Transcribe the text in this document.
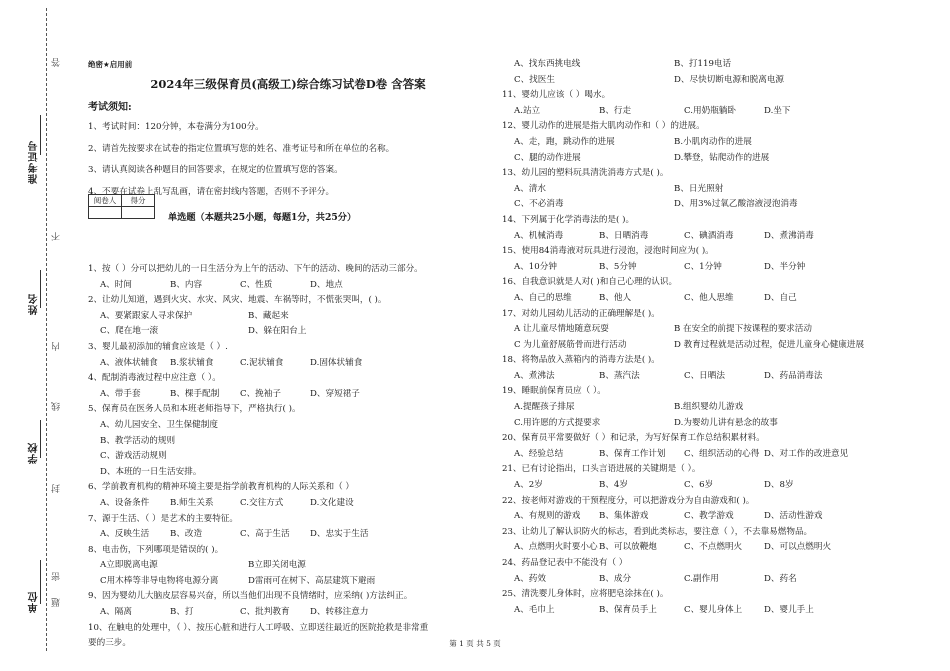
准考证号
姓名
学校
单位
答
不
内
线
封
密
题
绝密★启用前
2024年三级保育员(高级工)综合练习试卷D卷 含答案
考试须知:
1、考试时间：120分钟，本卷满分为100分。
2、请首先按要求在试卷的指定位置填写您的姓名、准考证号和所在单位的名称。
3、请认真阅读各种题目的回答要求，在规定的位置填写您的答案。
4、不要在试卷上乱写乱画，请在密封线内答题，否则不予评分。
阅卷人	得分

单选题（本题共25小题，每题1分，共25分）
1、按（ ）分可以把幼儿的一日生活分为上午的活动、下午的活动、晚间的活动三部分。
A、时间	B、内容	C、性质	D、地点
2、让幼儿知道，遇到火灾、水灾、风灾、地震、车祸等时，不慌张哭叫，( )。
A、要紧跟家人寻求保护	B、藏起来
C、爬在地一滚	D、躲在阳台上
3、婴儿最初添加的辅食应该是（ ）.
A、液体状辅食 B.浆状辅食	C.泥状辅食	D.固体状辅食
4、配制消毒液过程中应注意（ ）。
A、带手套	B、棵手配制 C、挽袖子	D、穿短裙子
5、保育员在医务人员和本班老师指导下，严格执行( )。
A、幼儿园安全、卫生保健制度
B、教学活动的规则
C、游戏活动规则
D、本班的一日生活安排。
6、学前教育机构的精神环境主要是指学前教育机构的人际关系和（ ）
A、设备条件 B.师生关系	C.交往方式	D.文化建设
7、源于生活、（ ）是艺术的主要特征。
A、反映生活 B、改造	C、高于生活 D、忠实于生活
8、电击伤，下列哪项是错误的( )。
A立即脱离电源	B立即关闭电源
C用木棒等非导电物将电源分离	D雷雨可在树下、高层建筑下避雨
9、因为婴幼儿大脑皮层容易兴奋，所以当他们出现不良情绪时，应采纳( )方法纠正。
A、隔离	B、打	C、批判教育 D、转移注意力
10、在触电的处理中，（ ）、按压心脏和进行人工呼吸、立即送往最近的医院抢救是非常重
要的三步。
A、找东西挑电线	B、打119电话
C、找医生	D、尽快切断电源和脱离电源
11、婴幼儿应该（ ）喝水。
A.站立	B、行走	C.用奶瓶躺卧	D.坐下
12、婴儿动作的进展是指大肌肉动作和（ ）的进展。
A、走，跑，跳动作的进展	B.小肌肉动作的进展
C、腿的动作进展	D.攀登，钻爬动作的进展
13、幼儿园的塑料玩具清洗消毒方式是( )。
A、清水	B、日光照射
C、不必消毒	D、用3%过氧乙酸溶液浸泡消毒
14、下列属于化学消毒法的是( )。
A、机械消毒	B、日晒消毒	C、碘酒消毒	D、煮沸消毒
15、使用84消毒液对玩具进行浸泡，浸泡时间应为( )。
A、10分钟	B、5分钟	C、1分钟	D、半分钟
16、自我意识就是人对( )和自己心理的认识。
A、自己的思维	B、他人	C、他人思维	D、自己
17、对幼儿园幼儿活动的正确理解是( )。
A 让儿童尽情地随意玩耍	B 在安全的前提下按课程的要求活动
C 为儿童舒展筋骨而进行活动	D 教育过程就是活动过程，促进儿童身心健康进展
18、将物品放入蒸箱内的消毒方法是( )。
A、煮沸法	B、蒸汽法	C、日晒法	D、药品消毒法
19、睡眠前保育员应（ ）。
A.提醒孩子排尿	B.组织婴幼儿游戏
C.用许愿的方式提要求	D.为婴幼儿讲有悬念的故事
20、保育员平常要做好（ ）和记录，为写好保育工作总结积累材料。
A、经验总结	B、保育工作计划 C、组织活动的心得 D、对工作的改进意见
21、已有讨论指出，口头言语进展的关键期是（ ）。
A、2岁	B、4岁	C、6岁	D、8岁
22、按老师对游戏的干预程度分，可以把游戏分为自由游戏和( )。
A、有规则的游戏 B、集体游戏	C、教学游戏	D、活动性游戏
23、让幼儿了解认识防火的标志，看到此类标志，要注意（ ），不去靠易燃物品。
A、点燃明火时要小心 B、可以放鞭炮	C、不点燃明火	D、可以点燃明火
24、药品登记表中不能没有（ ）
A、药效	B、成分	C.副作用	D、药名
25、清洗婴儿身体时，应将肥皂涂抹在( )。
A、毛巾上	B、保育员手上	C、婴儿身体上	D、婴儿手上
第 1 页 共 5 页
